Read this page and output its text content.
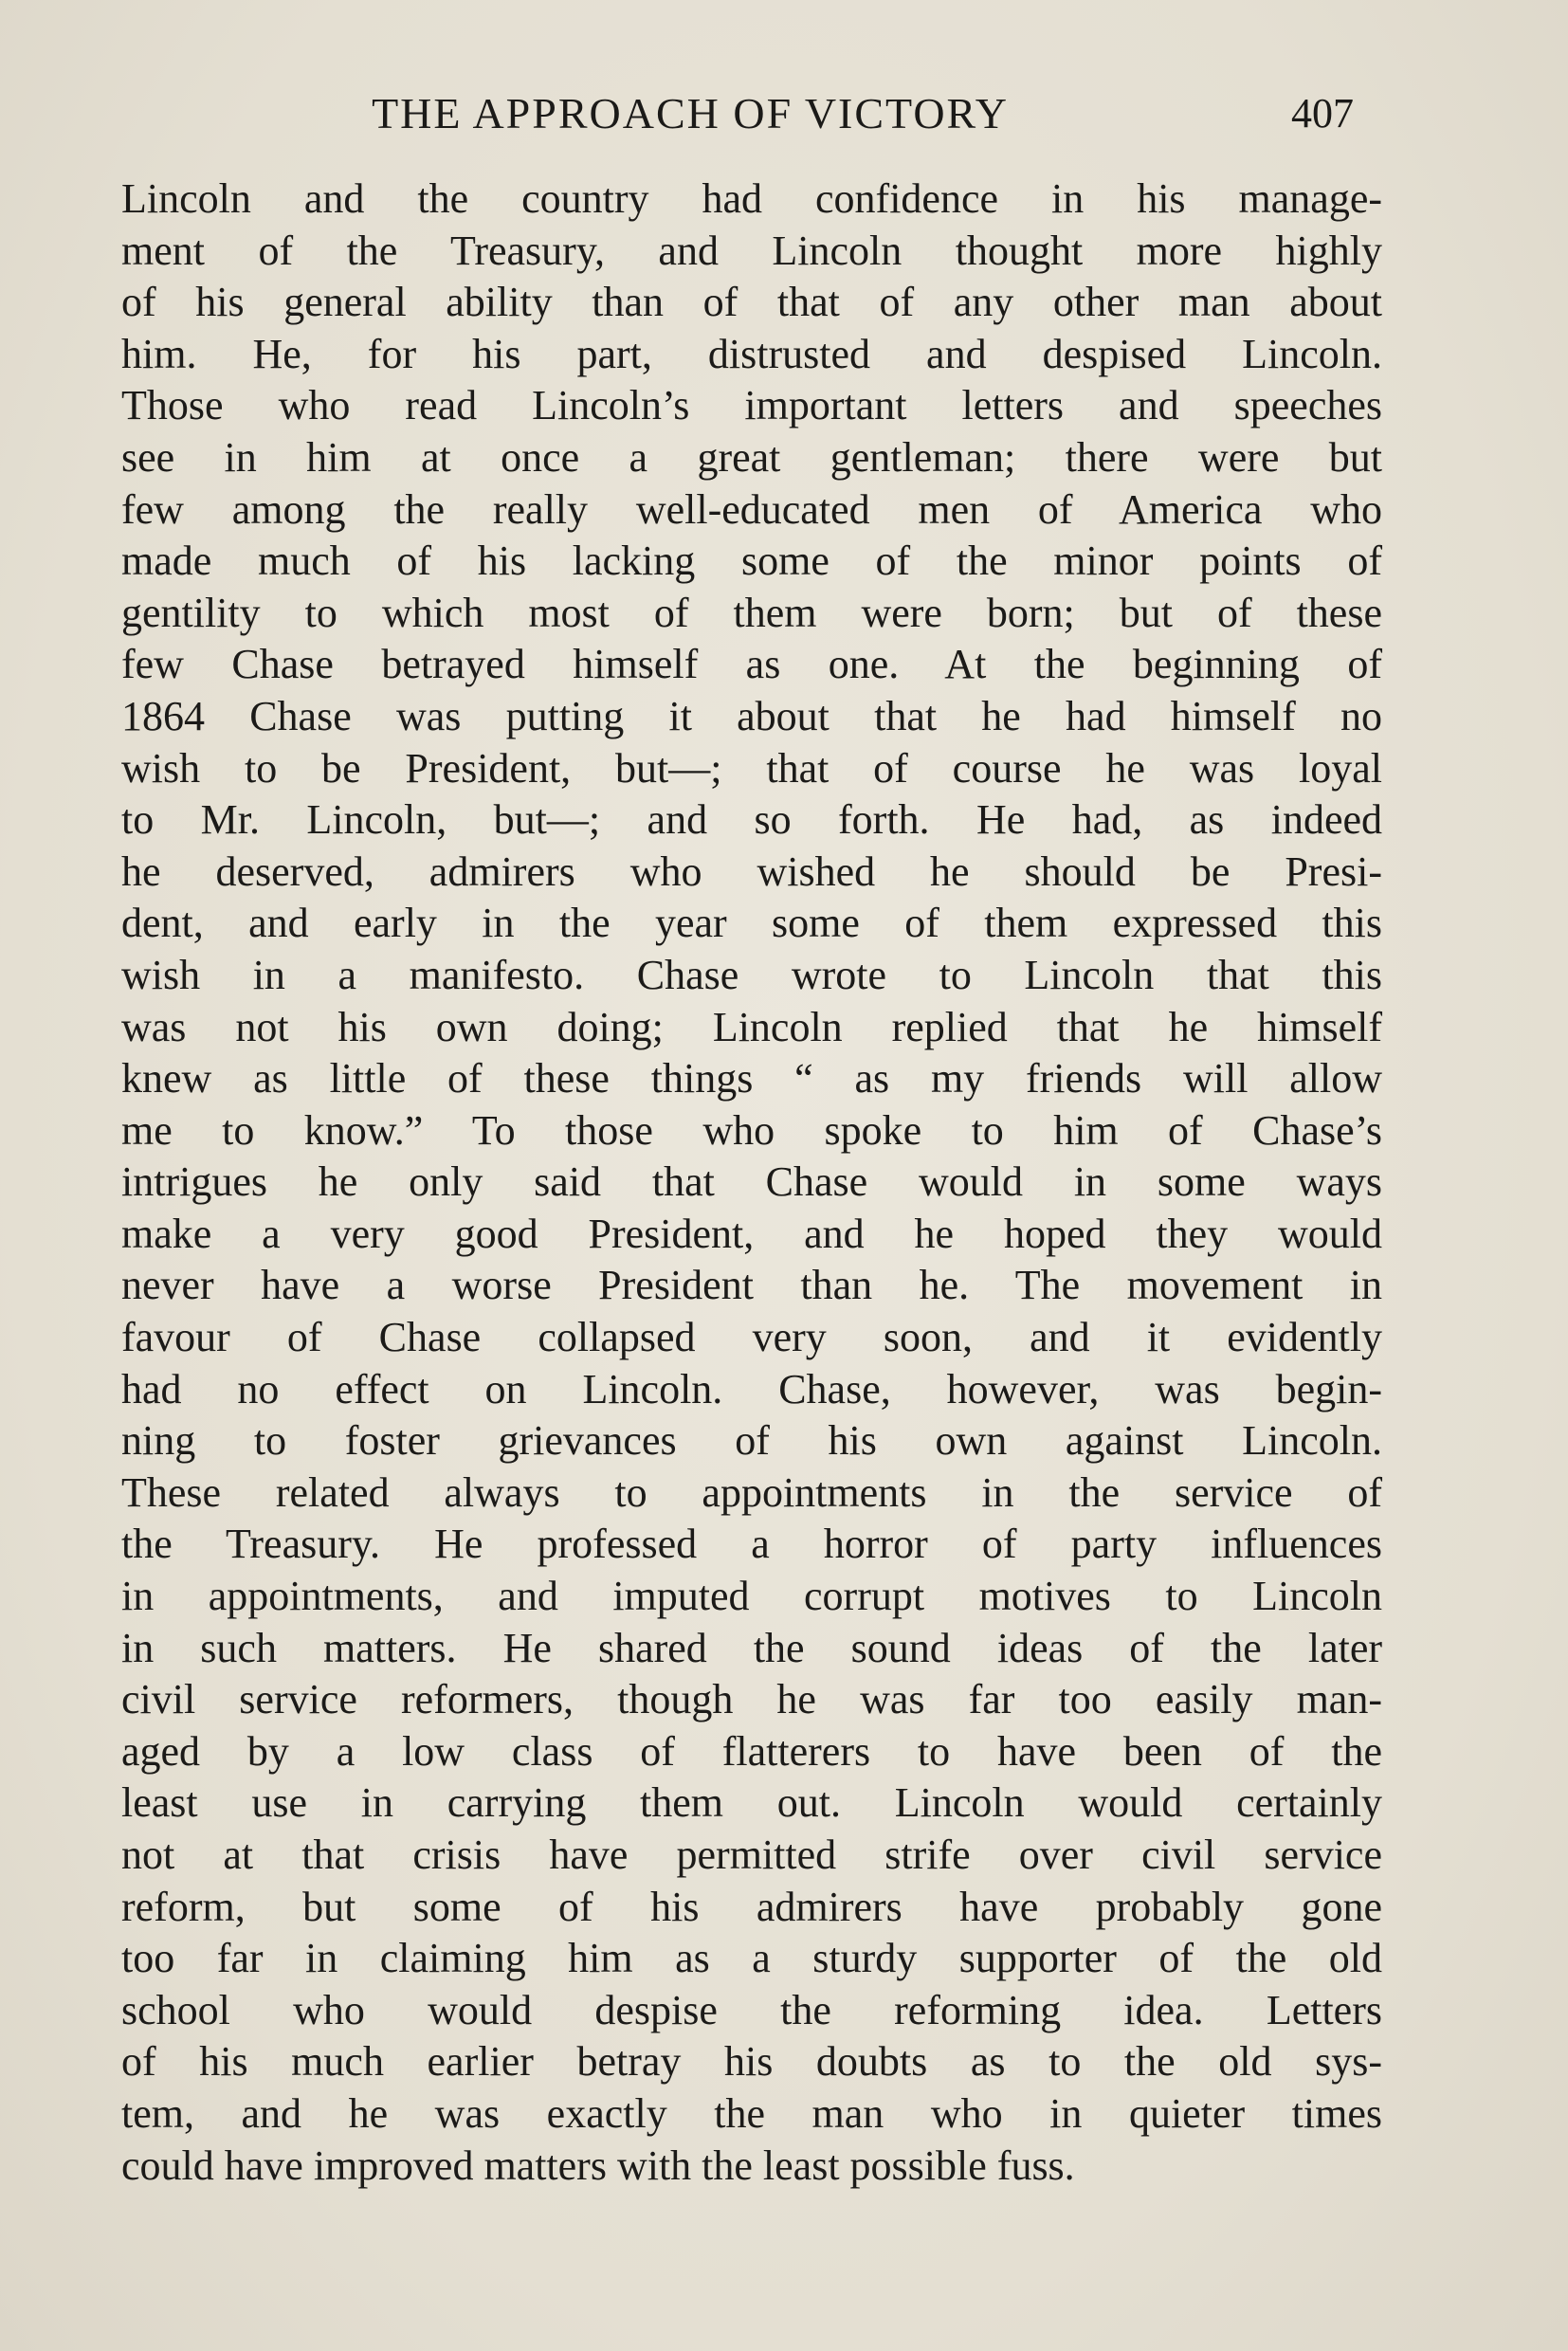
THE APPROACH OF VICTORY	407
Lincoln and the country had confidence in his manage-
ment of the Treasury, and Lincoln thought more highly
of his general ability than of that of any other man about
him. He, for his part, distrusted and despised Lincoln.
Those who read Lincoln’s important letters and speeches
see in him at once a great gentleman; there were but
few among the really well-educated men of America who
made much of his lacking some of the minor points of
gentility to which most of them were born; but of these
few Chase betrayed himself as one. At the beginning of
1864 Chase was putting it about that he had himself no
wish to be President, but—; that of course he was loyal
to Mr. Lincoln, but—; and so forth. He had, as indeed
he deserved, admirers who wished he should be Presi-
dent, and early in the year some of them expressed this
wish in a manifesto. Chase wrote to Lincoln that this
was not his own doing; Lincoln replied that he himself
knew as little of these things “ as my friends will allow
me to know.” To those who spoke to him of Chase’s
intrigues he only said that Chase would in some ways
make a very good President, and he hoped they would
never have a worse President than he. The movement in
favour of Chase collapsed very soon, and it evidently
had no effect on Lincoln. Chase, however, was begin-
ning to foster grievances of his own against Lincoln.
These related always to appointments in the service of
the Treasury. He professed a horror of party influences
in appointments, and imputed corrupt motives to Lincoln
in such matters. He shared the sound ideas of the later
civil service reformers, though he was far too easily man-
aged by a low class of flatterers to have been of the
least use in carrying them out. Lincoln would certainly
not at that crisis have permitted strife over civil service
reform, but some of his admirers have probably gone
too far in claiming him as a sturdy supporter of the old
school who would despise the reforming idea. Letters
of his much earlier betray his doubts as to the old sys-
tem, and he was exactly the man who in quieter times
could have improved matters with the least possible fuss.
